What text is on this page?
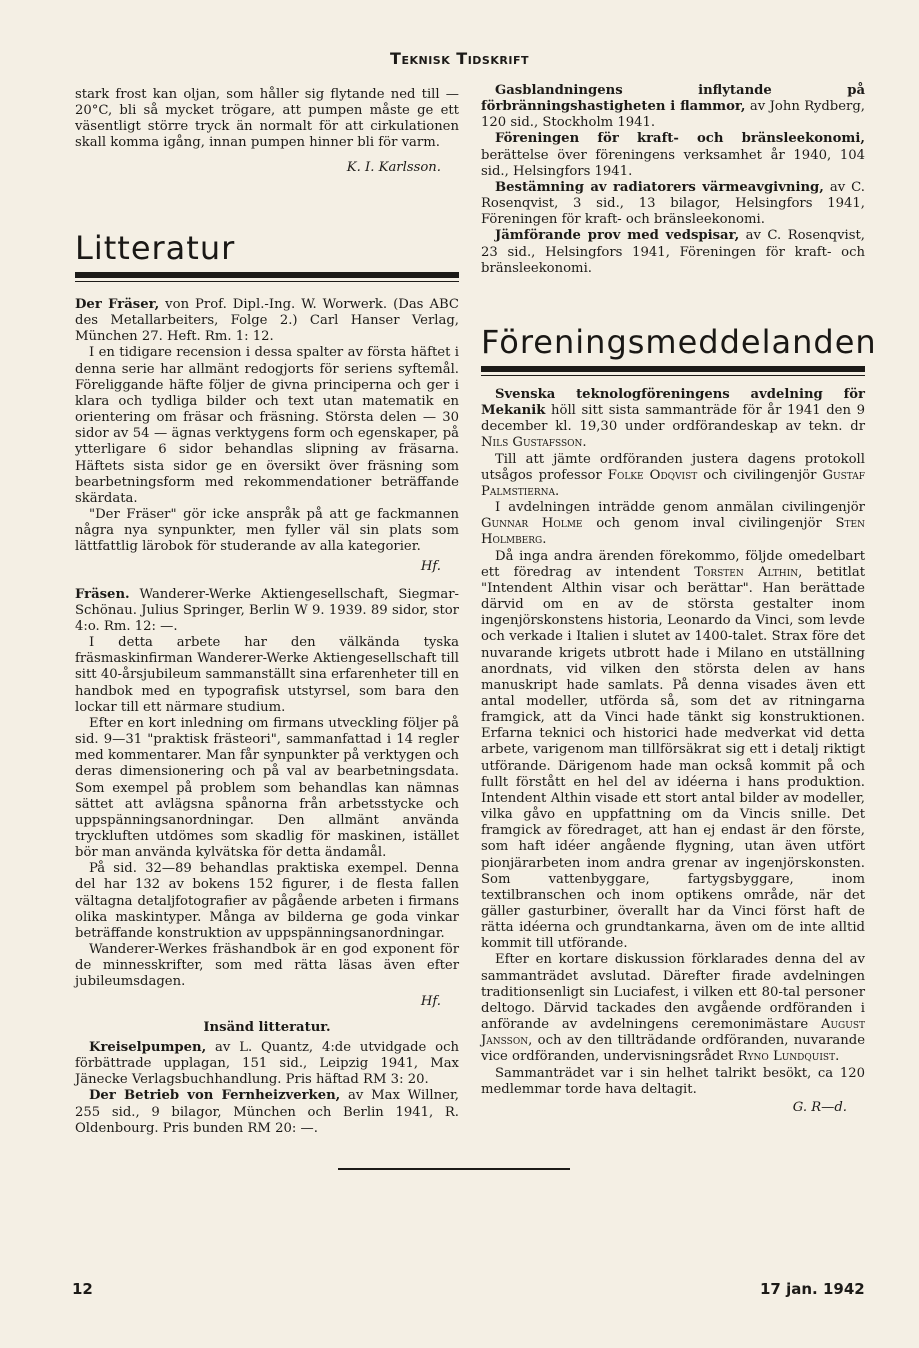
Teknisk Tidskrift

stark frost kan oljan, som håller sig flytande ned till — 20°C, bli så mycket trögare, att pumpen måste ge ett väsentligt större tryck än normalt för att cirkulationen skall komma igång, innan pumpen hinner bli för varm.

K. I. Karlsson.

Litteratur

Der Fräser, von Prof. Dipl.-Ing. W. Worwerk. (Das ABC des Metallarbeiters, Folge 2.) Carl Hanser Verlag, München 27. Heft. Rm. 1: 12.

I en tidigare recension i dessa spalter av första häftet i denna serie har allmänt redogjorts för seriens syftemål. Föreliggande häfte följer de givna principerna och ger i klara och tydliga bilder och text utan matematik en orientering om fräsar och fräsning. Största delen — 30 sidor av 54 — ägnas verktygens form och egenskaper, på ytterligare 6 sidor behandlas slipning av fräsarna. Häftets sista sidor ge en översikt över fräsning som bearbetningsform med rekommendationer beträffande skärdata.

"Der Fräser" gör icke anspråk på att ge fackmannen några nya synpunkter, men fyller väl sin plats som lättfattlig lärobok för studerande av alla kategorier.

Hf.

Fräsen. Wanderer-Werke Aktiengesellschaft, Siegmar-Schönau. Julius Springer, Berlin W 9. 1939. 89 sidor, stor 4:o. Rm. 12: —.

I detta arbete har den välkända tyska fräsmaskinfirman Wanderer-Werke Aktiengesellschaft till sitt 40-årsjubileum sammanställt sina erfarenheter till en handbok med en typografisk utstyrsel, som bara den lockar till ett närmare studium.

Efter en kort inledning om firmans utveckling följer på sid. 9—31 "praktisk frästeori", sammanfattad i 14 regler med kommentarer. Man får synpunkter på verktygen och deras dimensionering och på val av bearbetningsdata. Som exempel på problem som behandlas kan nämnas sättet att avlägsna spånorna från arbetsstycke och uppspänningsanordningar. Den allmänt använda tryckluften utdömes som skadlig för maskinen, istället bör man använda kylvätska för detta ändamål.

På sid. 32—89 behandlas praktiska exempel. Denna del har 132 av bokens 152 figurer, i de flesta fallen vältagna detaljfotografier av pågående arbeten i firmans olika maskintyper. Många av bilderna ge goda vinkar beträffande konstruktion av uppspänningsanordningar.

Wanderer-Werkes fräshandbok är en god exponent för de minnesskrifter, som med rätta läsas även efter jubileumsdagen.

Hf.

Insänd litteratur.

Kreiselpumpen, av L. Quantz, 4:de utvidgade och förbättrade upplagan, 151 sid., Leipzig 1941, Max Jänecke Verlagsbuchhandlung. Pris häftad RM 3: 20.

Der Betrieb von Fernheizverken, av Max Willner, 255 sid., 9 bilagor, München och Berlin 1941, R. Oldenbourg. Pris bunden RM 20: —.

Gasblandningens inflytande på förbränningshastigheten i flammor, av John Rydberg, 120 sid., Stockholm 1941.

Föreningen för kraft- och bränsleekonomi, berättelse över föreningens verksamhet år 1940, 104 sid., Helsingfors 1941.

Bestämning av radiatorers värmeavgivning, av C. Rosenqvist, 3 sid., 13 bilagor, Helsingfors 1941, Föreningen för kraft- och bränsleekonomi.

Jämförande prov med vedspisar, av C. Rosenqvist, 23 sid., Helsingfors 1941, Föreningen för kraft- och bränsleekonomi.

Föreningsmeddelanden

Svenska teknologföreningens avdelning för Mekanik höll sitt sista sammanträde för år 1941 den 9 december kl. 19,30 under ordförandeskap av tekn. dr Nils Gustafsson.

Till att jämte ordföranden justera dagens protokoll utsågos professor Folke Odqvist och civilingenjör Gustaf Palmstierna.

I avdelningen inträdde genom anmälan civilingenjör Gunnar Holme och genom inval civilingenjör Sten Holmberg.

Då inga andra ärenden förekommo, följde omedelbart ett föredrag av intendent Torsten Althin, betitlat "Intendent Althin visar och berättar". Han berättade därvid om en av de största gestalter inom ingenjörskonstens historia, Leonardo da Vinci, som levde och verkade i Italien i slutet av 1400-talet. Strax före det nuvarande krigets utbrott hade i Milano en utställning anordnats, vid vilken den största delen av hans manuskript hade samlats. På denna visades även ett antal modeller, utförda så, som det av ritningarna framgick, att da Vinci hade tänkt sig konstruktionen. Erfarna teknici och historici hade medverkat vid detta arbete, varigenom man tillförsäkrat sig ett i detalj riktigt utförande. Därigenom hade man också kommit på och fullt förstått en hel del av idéerna i hans produktion. Intendent Althin visade ett stort antal bilder av modeller, vilka gåvo en uppfattning om da Vincis snille. Det framgick av föredraget, att han ej endast är den förste, som haft idéer angående flygning, utan även utfört pionjärarbeten inom andra grenar av ingenjörskonsten. Som vattenbyggare, fartygsbyggare, inom textilbranschen och inom optikens område, när det gäller gasturbiner, överallt har da Vinci först haft de rätta idéerna och grundtankarna, även om de inte alltid kommit till utförande.

Efter en kortare diskussion förklarades denna del av sammanträdet avslutad. Därefter firade avdelningen traditionsenligt sin Luciafest, i vilken ett 80-tal personer deltogo. Därvid tackades den avgående ordföranden i anförande av avdelningens ceremonimästare August Jansson, och av den tillträdande ordföranden, nuvarande vice ordföranden, undervisningsrådet Ryno Lundquist.

Sammanträdet var i sin helhet talrikt besökt, ca 120 medlemmar torde hava deltagit.

G. R—d.

12	17 jan. 1942
